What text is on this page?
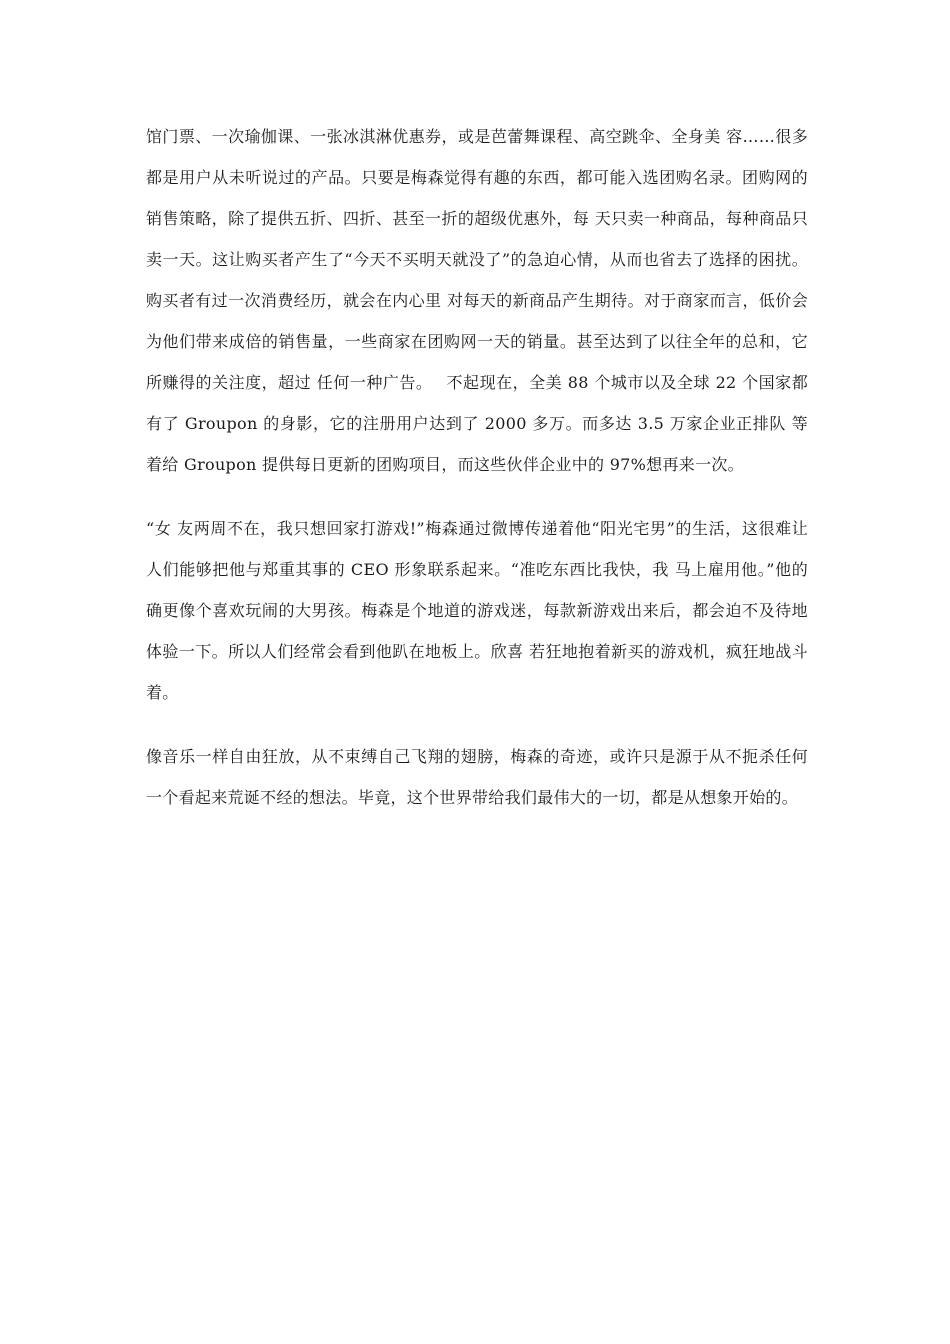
馆门票、一次瑜伽课、一张冰淇淋优惠券，或是芭蕾舞课程、高空跳伞、全身美 容……很多都是用户从未听说过的产品。只要是梅森觉得有趣的东西，都可能入选团购名录。团购网的销售策略，除了提供五折、四折、甚至一折的超级优惠外，每 天只卖一种商品，每种商品只卖一天。这让购买者产生了“今天不买明天就没了”的急迫心情，从而也省去了选择的困扰。购买者有过一次消费经历，就会在内心里 对每天的新商品产生期待。对于商家而言，低价会为他们带来成倍的销售量，一些商家在团购网一天的销量。甚至达到了以往全年的总和，它所赚得的关注度，超过 任何一种广告。　 不起现在，全美 88 个城市以及全球 22 个国家都有了 Groupon 的身影，它的注册用户达到了 2000 多万。而多达 3.5 万家企业正排队 等着给 Groupon 提供每日更新的团购项目，而这些伙伴企业中的 97%想再来一次。

“女 友两周不在，我只想回家打游戏!”梅森通过微博传递着他“阳光宅男”的生活，这很难让人们能够把他与郑重其事的 CEO 形象联系起来。“准吃东西比我快，我 马上雇用他。”他的确更像个喜欢玩闹的大男孩。梅森是个地道的游戏迷，每款新游戏出来后，都会迫不及待地体验一下。所以人们经常会看到他趴在地板上。欣喜 若狂地抱着新买的游戏机，疯狂地战斗着。

像音乐一样自由狂放，从不束缚自己飞翔的翅膀，梅森的奇迹，或许只是源于从不扼杀任何一个看起来荒诞不经的想法。毕竟，这个世界带给我们最伟大的一切，都是从想象开始的。
